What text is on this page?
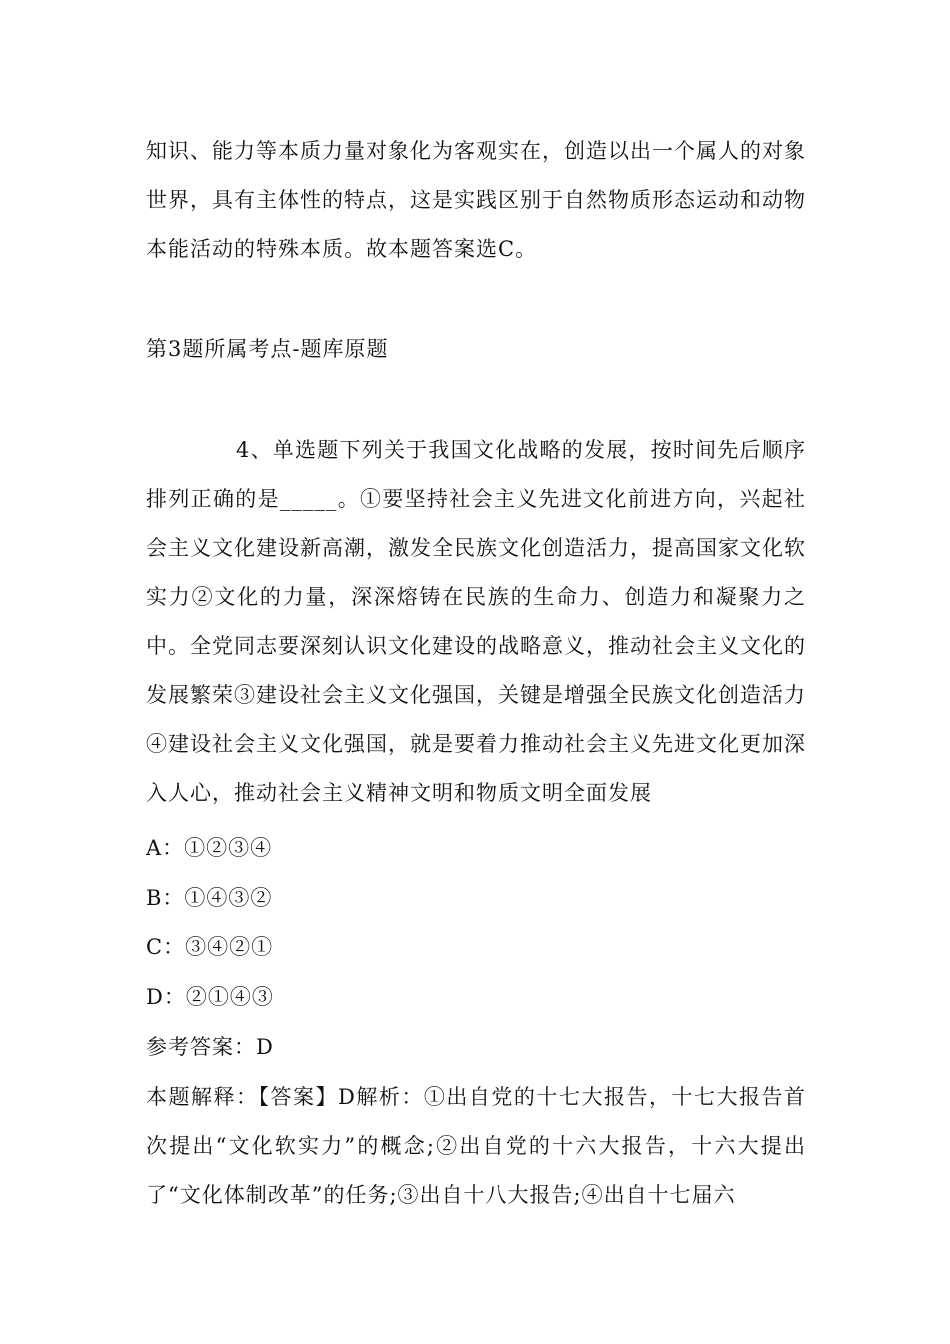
知识、能力等本质力量对象化为客观实在，创造以出一个属人的对象世界，具有主体性的特点，这是实践区别于自然物质形态运动和动物本能活动的特殊本质。故本题答案选C。

第3题所属考点-题库原题

4、单选题下列关于我国文化战略的发展，按时间先后顺序排列正确的是_____。①要坚持社会主义先进文化前进方向，兴起社会主义文化建设新高潮，激发全民族文化创造活力，提高国家文化软实力②文化的力量，深深熔铸在民族的生命力、创造力和凝聚力之中。全党同志要深刻认识文化建设的战略意义，推动社会主义文化的发展繁荣③建设社会主义文化强国，关键是增强全民族文化创造活力④建设社会主义文化强国，就是要着力推动社会主义先进文化更加深入人心，推动社会主义精神文明和物质文明全面发展

A：①②③④

B：①④③②

C：③④②①

D：②①④③

参考答案：D

本题解释：【答案】D解析：①出自党的十七大报告，十七大报告首次提出“文化软实力”的概念;②出自党的十六大报告，十六大提出了“文化体制改革”的任务;③出自十八大报告;④出自十七届六
